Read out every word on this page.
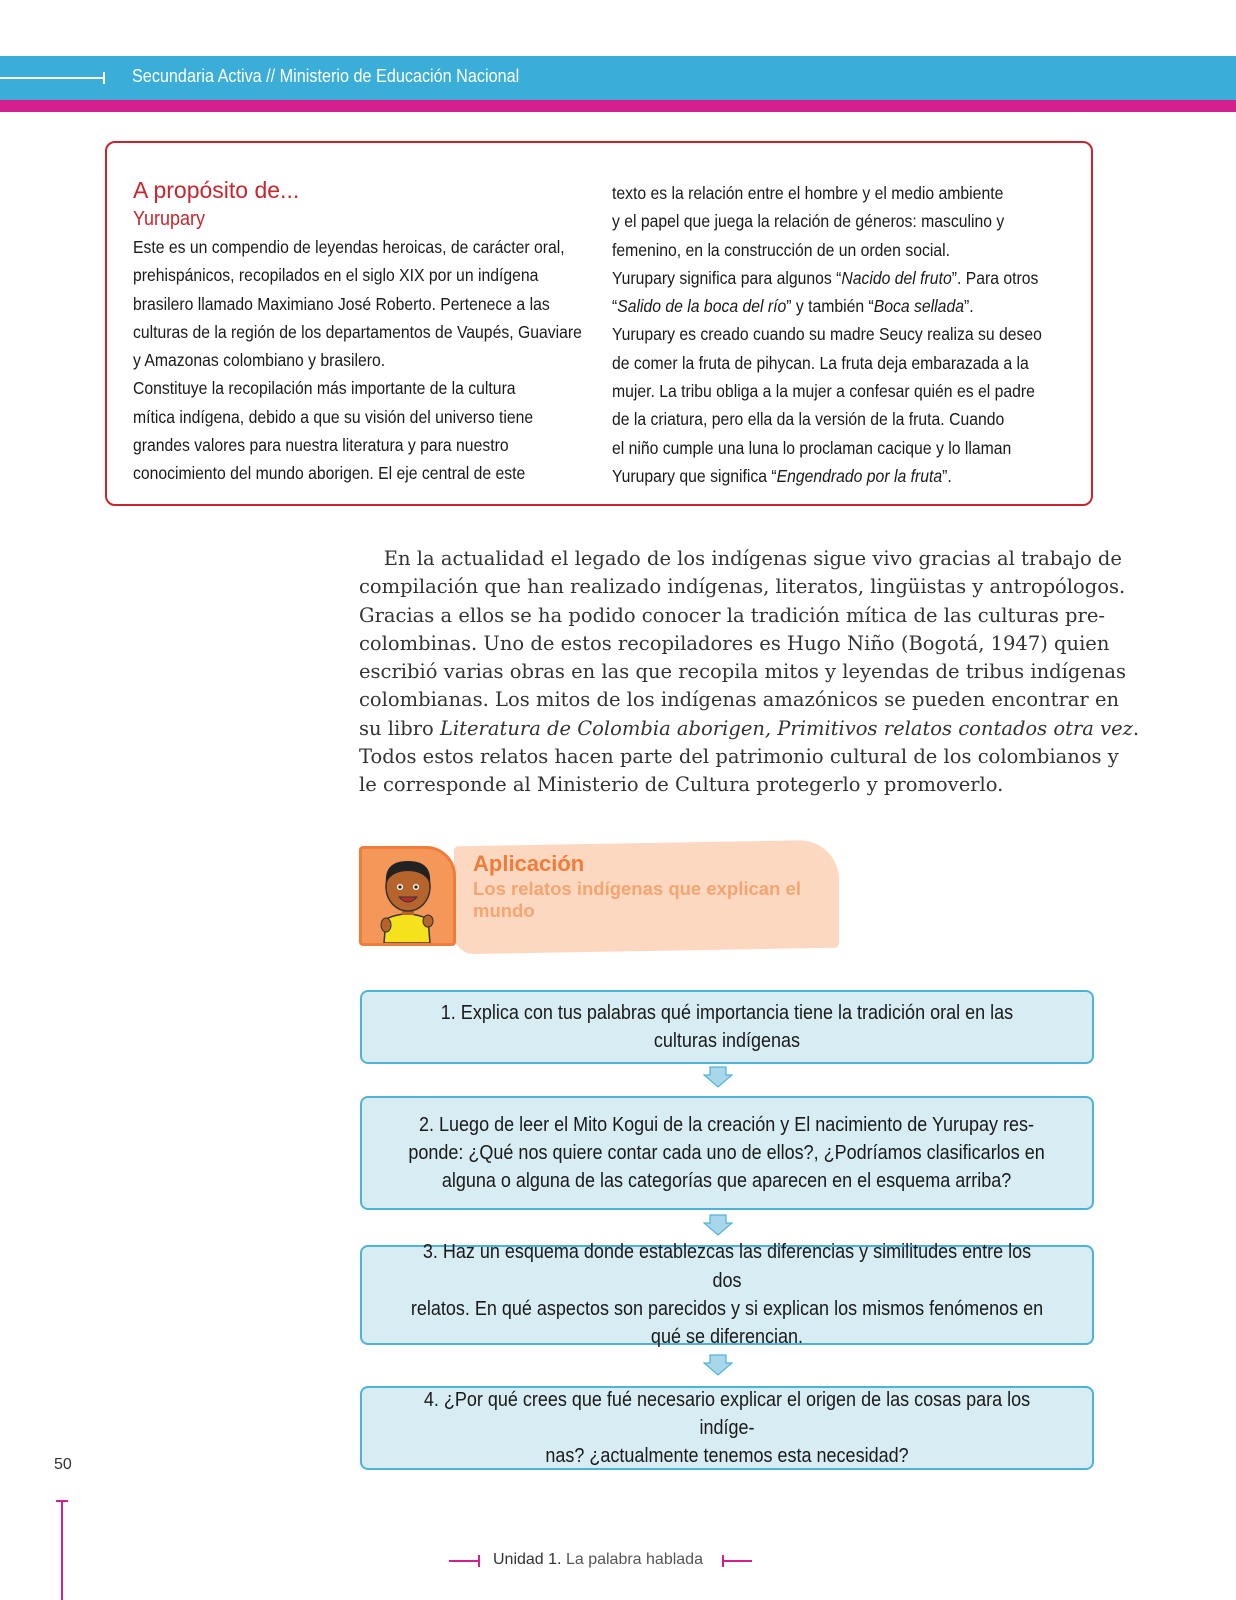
Secundaria Activa // Ministerio de Educación Nacional
A propósito de...
Yurupary
Este es un compendio de leyendas heroicas, de carácter oral,
prehispánicos, recopilados en el siglo XIX por un indígena
brasilero llamado Maximiano José Roberto. Pertenece a las
culturas de la región de los departamentos de Vaupés, Guaviare
y Amazonas colombiano y brasilero.
Constituye la recopilación más importante de la cultura
mítica indígena, debido a que su visión del universo tiene
grandes valores para nuestra literatura y para nuestro
conocimiento del mundo aborigen. El eje central de este
texto es la relación entre el hombre y el medio ambiente
y el papel que juega la relación de géneros: masculino y
femenino, en la construcción de un orden social.
Yurupary significa para algunos “Nacido del fruto”. Para otros
“Salido de la boca del río” y también “Boca sellada”.
Yurupary es creado cuando su madre Seucy realiza su deseo
de comer la fruta de pihycan. La fruta deja embarazada a la
mujer. La tribu obliga a la mujer a confesar quién es el padre
de la criatura, pero ella da la versión de la fruta. Cuando
el niño cumple una luna lo proclaman cacique y lo llaman
Yurupary que significa “Engendrado por la fruta”.
En la actualidad el legado de los indígenas sigue vivo gracias al trabajo de
compilación que han realizado indígenas, literatos, lingüistas y antropólogos.
Gracias a ellos se ha podido conocer la tradición mítica de las culturas pre-
colombinas. Uno de estos recopiladores es Hugo Niño (Bogotá, 1947) quien
escribió varias obras en las que recopila mitos y leyendas de tribus indígenas
colombianas. Los mitos de los indígenas amazónicos se pueden encontrar en
su libro Literatura de Colombia aborigen, Primitivos relatos contados otra vez.
Todos estos relatos hacen parte del patrimonio cultural de los colombianos y
le corresponde al Ministerio de Cultura protegerlo y promoverlo.
Aplicación
Los relatos indígenas que explican el mundo
1. Explica con tus palabras qué importancia tiene la tradición oral en las
culturas indígenas
2. Luego de leer el Mito Kogui de la creación y El nacimiento de Yurupay res-
ponde: ¿Qué nos quiere contar cada uno de ellos?, ¿Podríamos clasificarlos en
alguna o alguna de las categorías que aparecen en el esquema arriba?
3. Haz un esquema donde establezcas las diferencias y similitudes entre los dos
relatos. En qué aspectos son parecidos y si explican los mismos fenómenos en
qué se diferencian.
4. ¿Por qué crees que fué necesario explicar el origen de las cosas para los indíge-
nas? ¿actualmente tenemos esta necesidad?
50
Unidad 1. La palabra hablada
